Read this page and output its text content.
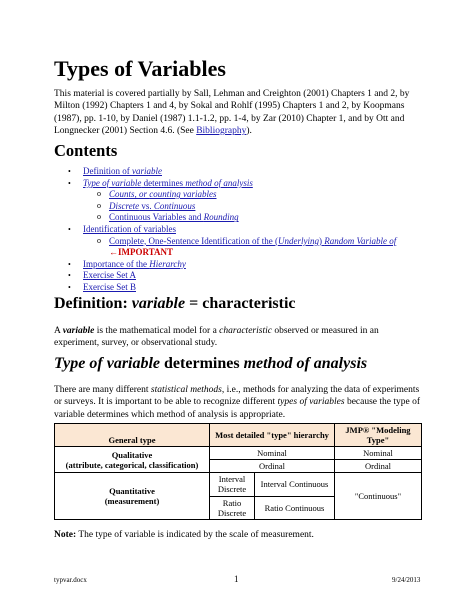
Types of Variables

This material is covered partially by Sall, Lehman and Creighton (2001) Chapters 1 and 2, by Milton (1992) Chapters 1 and 4, by Sokal and Rohlf (1995) Chapters 1 and 2, by Koopmans (1987), pp. 1-10, by Daniel (1987) 1.1-1.2, pp. 1-4, by Zar (2010) Chapter 1, and by Ott and Longnecker (2001) Section 4.6. (See Bibliography).

Contents
• Definition of variable
• Type of variable determines method of analysis
o Counts, or counting variables
o Discrete vs. Continuous
o Continuous Variables and Rounding
• Identification of variables
o Complete, One-Sentence Identification of the (Underlying) Random Variable of
←IMPORTANT
• Importance of the Hierarchy
• Exercise Set A
• Exercise Set B
Definition: variable = characteristic

A variable is the mathematical model for a characteristic observed or measured in an experiment, survey, or observational study.

Type of variable determines method of analysis

There are many different statistical methods, i.e., methods for analyzing the data of experiments or surveys. It is important to be able to recognize different types of variables because the type of variable determines which method of analysis is appropriate.

General type	Most detailed "type" hierarchy		JMP® "Modeling Type"
Qualitative
(attribute, categorical, classification)	Nominal		Nominal
	Ordinal		Ordinal
Quantitative
(measurement)	Interval Discrete	Interval Continuous	"Continuous"
	Ratio Discrete	Ratio Continuous	

Note: The type of variable is indicated by the scale of measurement.

typvar.docx	1	9/24/2013
